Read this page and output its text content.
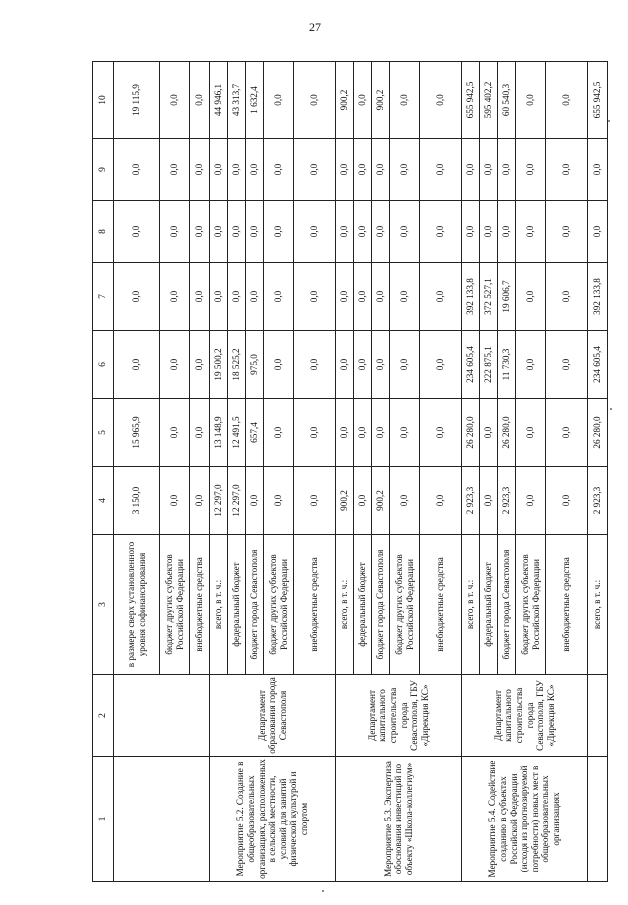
27
1	2	3	4	5	6	7	8	9	10
		в размере сверх установленного уровня софинансирования	3 150,0	15 965,9	0,0	0,0	0,0	0,0	19 115,9
		бюджет других субъектов Российской Федерации	0,0	0,0	0,0	0,0	0,0	0,0	0,0
		внебюджетные средства	0,0	0,0	0,0	0,0	0,0	0,0	0,0
Мероприятие 5.2. Создание в общеобразовательных организациях, расположенных в сельской местности, условий для занятий физической культурой и спортом	Департамент образования города Севастополя	всего, в т. ч.:	12 297,0	13 148,9	19 500,2	0,0	0,0	0,0	44 946,1
		федеральный бюджет	12 297,0	12 491,5	18 525,2	0,0	0,0	0,0	43 313,7
		бюджет города Севастополя	0,0	657,4	975,0	0,0	0,0	0,0	1 632,4
		бюджет других субъектов Российской Федерации	0,0	0,0	0,0	0,0	0,0	0,0	0,0
		внебюджетные средства	0,0	0,0	0,0	0,0	0,0	0,0	0,0
Мероприятие 5.3. Экспертиза обоснования инвестиций по объекту «Школа-коллегиум»	Департамент капитального строительства города Севастополя, ГБУ «Дирекция КС»	всего, в т. ч.:	900,2	0,0	0,0	0,0	0,0	0,0	900,2
		федеральный бюджет	0,0	0,0	0,0	0,0	0,0	0,0	0,0
		бюджет города Севастополя	900,2	0,0	0,0	0,0	0,0	0,0	900,2
		бюджет других субъектов Российской Федерации	0,0	0,0	0,0	0,0	0,0	0,0	0,0
		внебюджетные средства	0,0	0,0	0,0	0,0	0,0	0,0	0,0
Мероприятие 5.4. Содействие созданию в субъектах Российской Федерации (исходя из прогнозируемой потребности) новых мест в общеобразовательных организациях	Департамент капитального строительства города Севастополя, ГБУ «Дирекция КС»	всего, в т. ч.:	2 923,3	26 280,0	234 605,4	392 133,8	0,0	0,0	655 942,5
		федеральный бюджет	0,0	0,0	222 875,1	372 527,1	0,0	0,0	595 402,2
		бюджет города Севастополя	2 923,3	26 280,0	11 730,3	19 606,7	0,0	0,0	60 540,3
		бюджет других субъектов Российской Федерации	0,0	0,0	0,0	0,0	0,0	0,0	0,0
		внебюджетные средства	0,0	0,0	0,0	0,0	0,0	0,0	0,0
		всего, в т. ч.:	2 923,3	26 280,0	234 605,4	392 133,8	0,0	0,0	655 942,5
